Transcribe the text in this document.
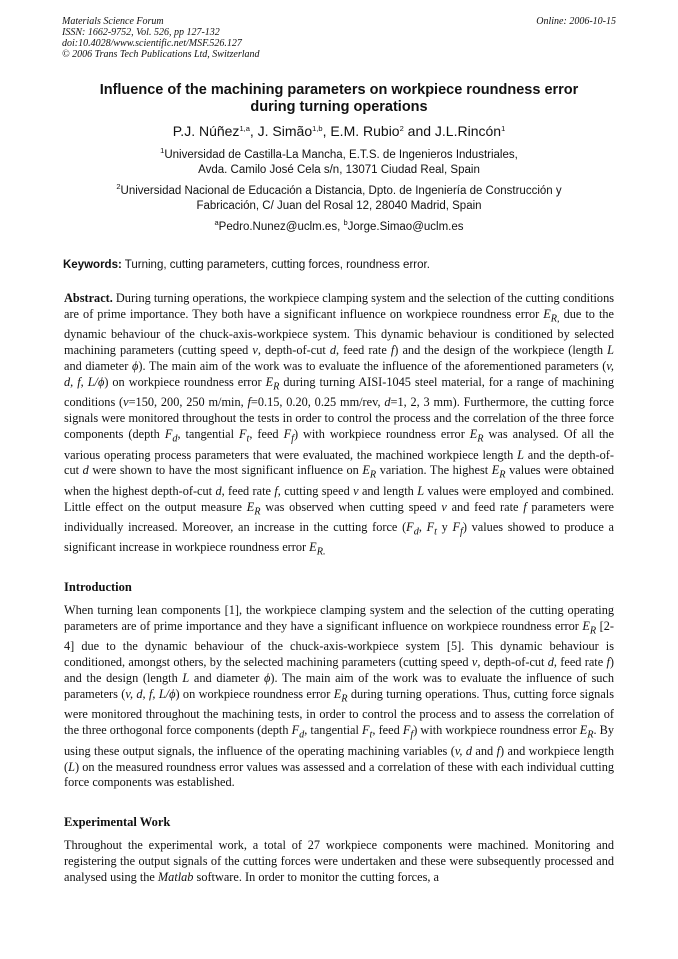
Materials Science Forum
ISSN: 1662-9752, Vol. 526, pp 127-132
doi:10.4028/www.scientific.net/MSF.526.127
© 2006 Trans Tech Publications Ltd, Switzerland
Online: 2006-10-15
Influence of the machining parameters on workpiece roundness error
during turning operations
P.J. Núñez$^{1,a}$, J. Simão$^{1,b}$, E.M. Rubio$^2$ and J.L.Rincón$^1$
$^1$Universidad de Castilla-La Mancha, E.T.S. de Ingenieros Industriales,
Avda. Camilo José Cela s/n, 13071 Ciudad Real, Spain
$^2$Universidad Nacional de Educación a Distancia, Dpto. de Ingeniería de Construcción y
Fabricación, C/ Juan del Rosal 12, 28040 Madrid, Spain
$^a$Pedro.Nunez@uclm.es, $^b$Jorge.Simao@uclm.es
Keywords: Turning, cutting parameters, cutting forces, roundness error.
Abstract. During turning operations, the workpiece clamping system and the selection of the cutting conditions are of prime importance. They both have a significant influence on workpiece roundness error $E_{R,}$ due to the dynamic behaviour of the chuck-axis-workpiece system. This dynamic behaviour is conditioned by selected machining parameters (cutting speed v, depth-of-cut d, feed rate f) and the design of the workpiece (length L and diameter ϕ). The main aim of the work was to evaluate the influence of the aforementioned parameters (v, d, f, L/ϕ) on workpiece roundness error $E_R$ during turning AISI-1045 steel material, for a range of machining conditions (v=150, 200, 250 m/min, f=0.15, 0.20, 0.25 mm/rev, d=1, 2, 3 mm). Furthermore, the cutting force signals were monitored throughout the tests in order to control the process and the correlation of the three force components (depth $F_d$, tangential $F_t$, feed $F_f$) with workpiece roundness error $E_R$ was analysed. Of all the various operating process parameters that were evaluated, the machined workpiece length L and the depth-of-cut d were shown to have the most significant influence on $E_R$ variation. The highest $E_R$ values were obtained when the highest depth-of-cut d, feed rate f, cutting speed v and length L values were employed and combined. Little effect on the output measure $E_R$ was observed when cutting speed v and feed rate f parameters were individually increased. Moreover, an increase in the cutting force ($F_d$, $F_t$ y $F_f$) values showed to produce a significant increase in workpiece roundness error $E_{R.}$
Introduction
When turning lean components [1], the workpiece clamping system and the selection of the cutting operating parameters are of prime importance and they have a significant influence on workpiece roundness error $E_R$ [2-4] due to the dynamic behaviour of the chuck-axis-workpiece system [5]. This dynamic behaviour is conditioned, amongst others, by the selected machining parameters (cutting speed v, depth-of-cut d, feed rate f) and the design (length L and diameter ϕ). The main aim of the work was to evaluate the influence of such parameters (v, d, f, L/ϕ) on workpiece roundness error $E_R$ during turning operations. Thus, cutting force signals were monitored throughout the machining tests, in order to control the process and to assess the correlation of the three orthogonal force components (depth $F_d$, tangential $F_t$, feed $F_f$) with workpiece roundness error $E_R$. By using these output signals, the influence of the operating machining variables (v, d and f) and workpiece length (L) on the measured roundness error values was assessed and a correlation of these with each individual cutting force components was established.
Experimental Work
Throughout the experimental work, a total of 27 workpiece components were machined. Monitoring and registering the output signals of the cutting forces were undertaken and these were subsequently processed and analysed using the Matlab software. In order to monitor the cutting forces, a
